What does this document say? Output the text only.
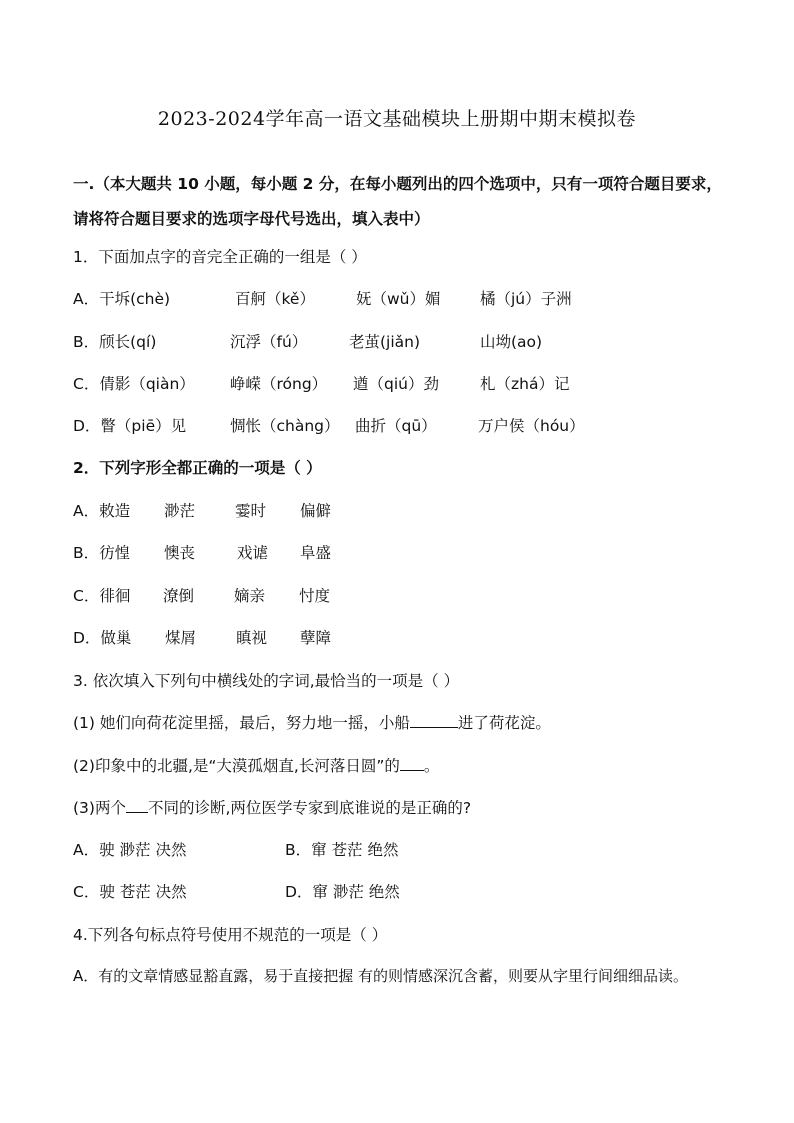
2023-2024学年高一语文基础模块上册期中期末模拟卷
一.（本大题共 10 小题，每小题 2 分，在每小题列出的四个选项中，只有一项符合题目要求，
请将符合题目要求的选项字母代号选出，填入表中）
1．下面加点字的音完全正确的一组是（ ）
A．干坼(chè)	百舸（kě）	妩（wǔ）媚	橘（jú）子洲
B．颀长(qí)	沉浮（fú）	老茧(jiǎn)	山坳(ao)
C．倩影（qiàn） 峥嵘（róng） 遒（qiú）劲	札（zhá）记
D．瞥（piē）见	惆怅（chàng） 曲折（qū）	万户侯（hóu）
2．下列字形全都正确的一项是（ ）
A．敕造 渺茫	霎时 偏僻
B．彷惶 懊丧	戏谑 阜盛
C．徘徊 潦倒	嫡亲 忖度
D．做巢 煤屑	瞋视 孽障
3. 依次填入下列句中横线处的字词,最恰当的一项是（ ）
(1) 她们向荷花淀里摇，最后，努力地一摇，小船	进了荷花淀。
(2)印象中的北疆,是“大漠孤烟直,长河落日圆”的 。
(3)两个 不同的诊断,两位医学专家到底谁说的是正确的?
A．驶 渺茫 决然	B．窜 苍茫 绝然
C．驶 苍茫 决然	D．窜 渺茫 绝然
4.下列各句标点符号使用不规范的一项是（ ）
A．有的文章情感显豁直露，易于直接把握 有的则情感深沉含蓄，则要从字里行间细细品读。
